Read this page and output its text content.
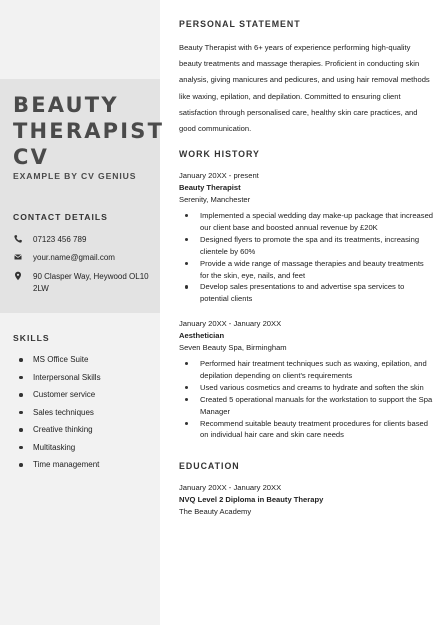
BEAUTY
THERAPIST
CV
EXAMPLE BY CV GENIUS
CONTACT DETAILS
07123 456 789
your.name@gmail.com
90 Clasper Way, Heywood OL10 2LW
SKILLS
MS Office Suite
Interpersonal Skills
Customer service
Sales techniques
Creative thinking
Multitasking
Time management
PERSONAL STATEMENT
Beauty Therapist with 6+ years of experience performing high-quality beauty treatments and massage therapies. Proficient in conducting skin analysis, giving manicures and pedicures, and using hair removal methods like waxing, epilation, and depilation. Committed to ensuring client satisfaction through personalised care, healthy skin care practices, and good communication.
WORK HISTORY
January 20XX - present
Beauty Therapist
Serenity, Manchester
Implemented a special wedding day make-up package that increased our client base and boosted annual revenue by £20K
Designed flyers to promote the spa and its treatments, increasing clientele by 60%
Provide a wide range of massage therapies and beauty treatments for the skin, eye, nails, and feet
Develop sales presentations to and advertise spa services to potential clients
January 20XX - January 20XX
Aesthetician
Seven Beauty Spa, Birmingham
Performed hair treatment techniques such as waxing, epilation, and depilation depending on client's requirements
Used various cosmetics and creams to hydrate and soften the skin
Created 5 operational manuals for the workstation to support the Spa Manager
Recommend suitable beauty treatment procedures for clients based on individual hair care and skin care needs
EDUCATION
January 20XX - January 20XX
NVQ Level 2 Diploma in Beauty Therapy
The Beauty Academy
